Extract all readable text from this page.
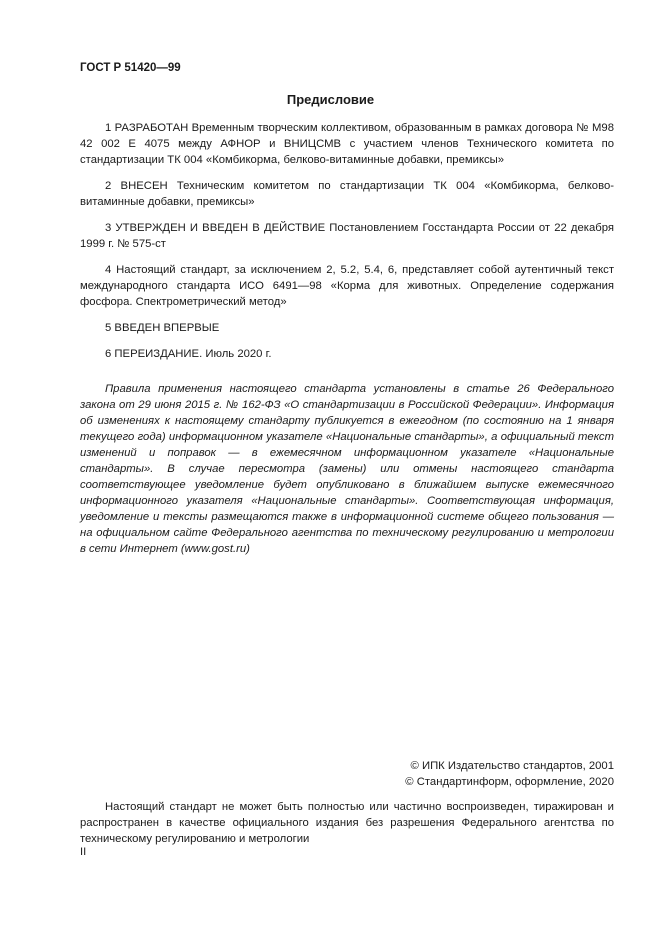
ГОСТ Р 51420—99
Предисловие

1 РАЗРАБОТАН Временным творческим коллективом, образованным в рамках договора № М98 42 002 Е 4075 между АФНОР и ВНИЦСМВ с участием членов Технического комитета по стандартизации ТК 004 «Комбикорма, белково-витаминные добавки, премиксы»

2 ВНЕСЕН Техническим комитетом по стандартизации ТК 004 «Комбикорма, белково-витаминные добавки, премиксы»

3 УТВЕРЖДЕН И ВВЕДЕН В ДЕЙСТВИЕ Постановлением Госстандарта России от 22 декабря 1999 г. № 575-ст

4 Настоящий стандарт, за исключением 2, 5.2, 5.4, 6, представляет собой аутентичный текст международного стандарта ИСО 6491—98 «Корма для животных. Определение содержания фосфора. Спектрометрический метод»

5 ВВЕДЕН ВПЕРВЫЕ

6 ПЕРЕИЗДАНИЕ. Июль 2020 г.

Правила применения настоящего стандарта установлены в статье 26 Федерального закона от 29 июня 2015 г. № 162-ФЗ «О стандартизации в Российской Федерации». Информация об изменениях к настоящему стандарту публикуется в ежегодном (по состоянию на 1 января текущего года) информационном указателе «Национальные стандарты», а официальный текст изменений и поправок — в ежемесячном информационном указателе «Национальные стандарты». В случае пересмотра (замены) или отмены настоящего стандарта соответствующее уведомление будет опубликовано в ближайшем выпуске ежемесячного информационного указателя «Национальные стандарты». Соответствующая информация, уведомление и тексты размещаются также в информационной системе общего пользования — на официальном сайте Федерального агентства по техническому регулированию и метрологии в сети Интернет (www.gost.ru)
© ИПК Издательство стандартов, 2001
© Стандартинформ, оформление, 2020
Настоящий стандарт не может быть полностью или частично воспроизведен, тиражирован и распространен в качестве официального издания без разрешения Федерального агентства по техническому регулированию и метрологии
II
